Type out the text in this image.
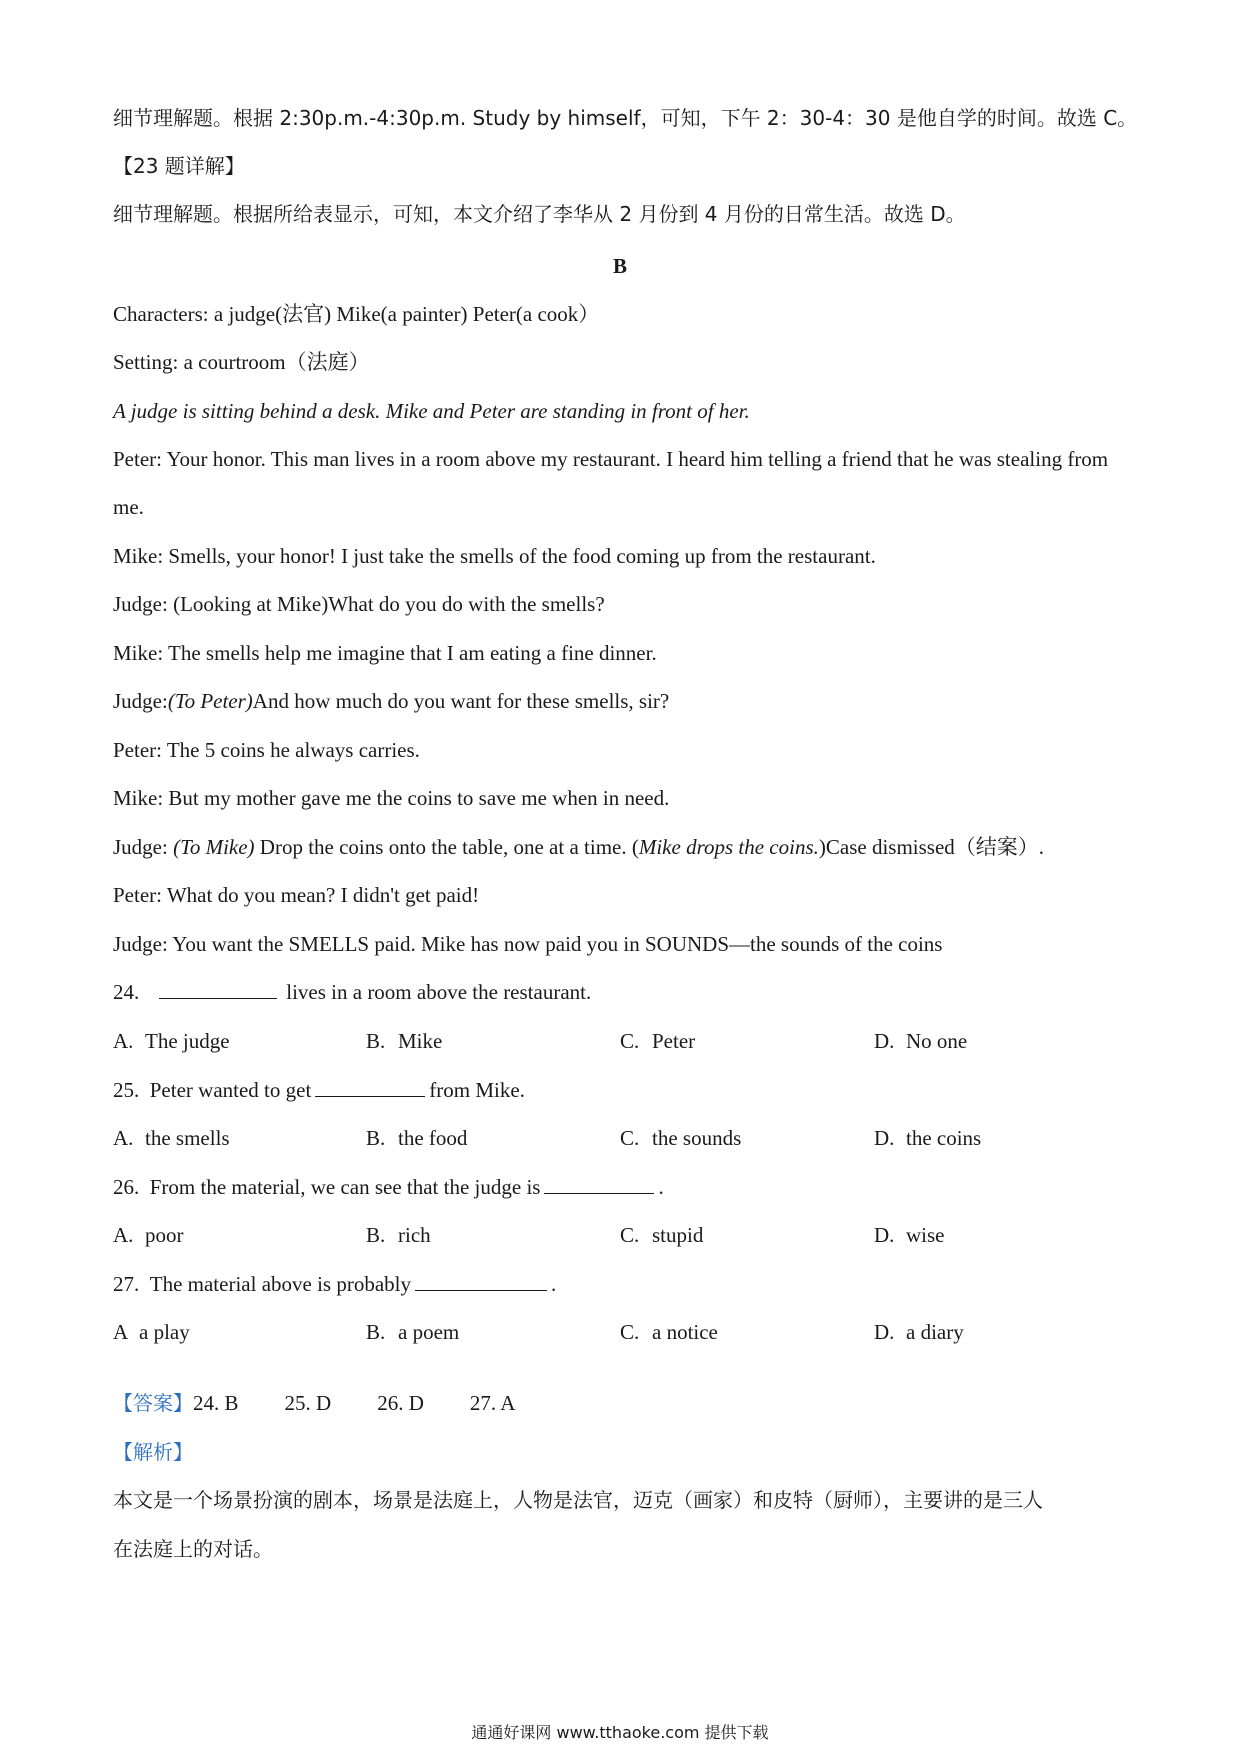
细节理解题。根据 2:30p.m.-4:30p.m. Study by himself，可知，下午 2：30-4：30 是他自学的时间。故选 C。

【23 题详解】

细节理解题。根据所给表显示，可知，本文介绍了李华从 2 月份到 4 月份的日常生活。故选 D。

B

Characters: a judge(法官) Mike(a painter) Peter(a cook）

Setting: a courtroom（法庭）

A judge is sitting behind a desk. Mike and Peter are standing in front of her.

Peter: Your honor. This man lives in a room above my restaurant. I heard him telling a friend that he was stealing from

me.

Mike: Smells, your honor! I just take the smells of the food coming up from the restaurant.

Judge: (Looking at Mike)What do you do with the smells?

Mike: The smells help me imagine that I am eating a fine dinner.

Judge:(To Peter)And how much do you want for these smells, sir?

Peter: The 5 coins he always carries.

Mike: But my mother gave me the coins to save me when in need.

Judge: (To Mike) Drop the coins onto the table, one at a time. (Mike drops the coins.)Case dismissed（结案）.

Peter: What do you mean? I didn't get paid!

Judge: You want the SMELLS paid. Mike has now paid you in SOUNDS—the sounds of the coins

24.	lives in a room above the restaurant.

A. The judge	B. Mike	C. Peter	D. No one

25. Peter wanted to get	from Mike.

A. the smells	B. the food	C. the sounds	D. the coins

26. From the material, we can see that the judge is	.

A. poor	B. rich	C. stupid	D. wise

27. The material above is probably	.

A a play	B. a poem	C. a notice	D. a diary

【答案】24. B 25. D 26. D 27. A

【解析】

本文是一个场景扮演的剧本，场景是法庭上，人物是法官，迈克（画家）和皮特（厨师），主要讲的是三人

在法庭上的对话。

通通好课网 www.tthaoke.com 提供下载
